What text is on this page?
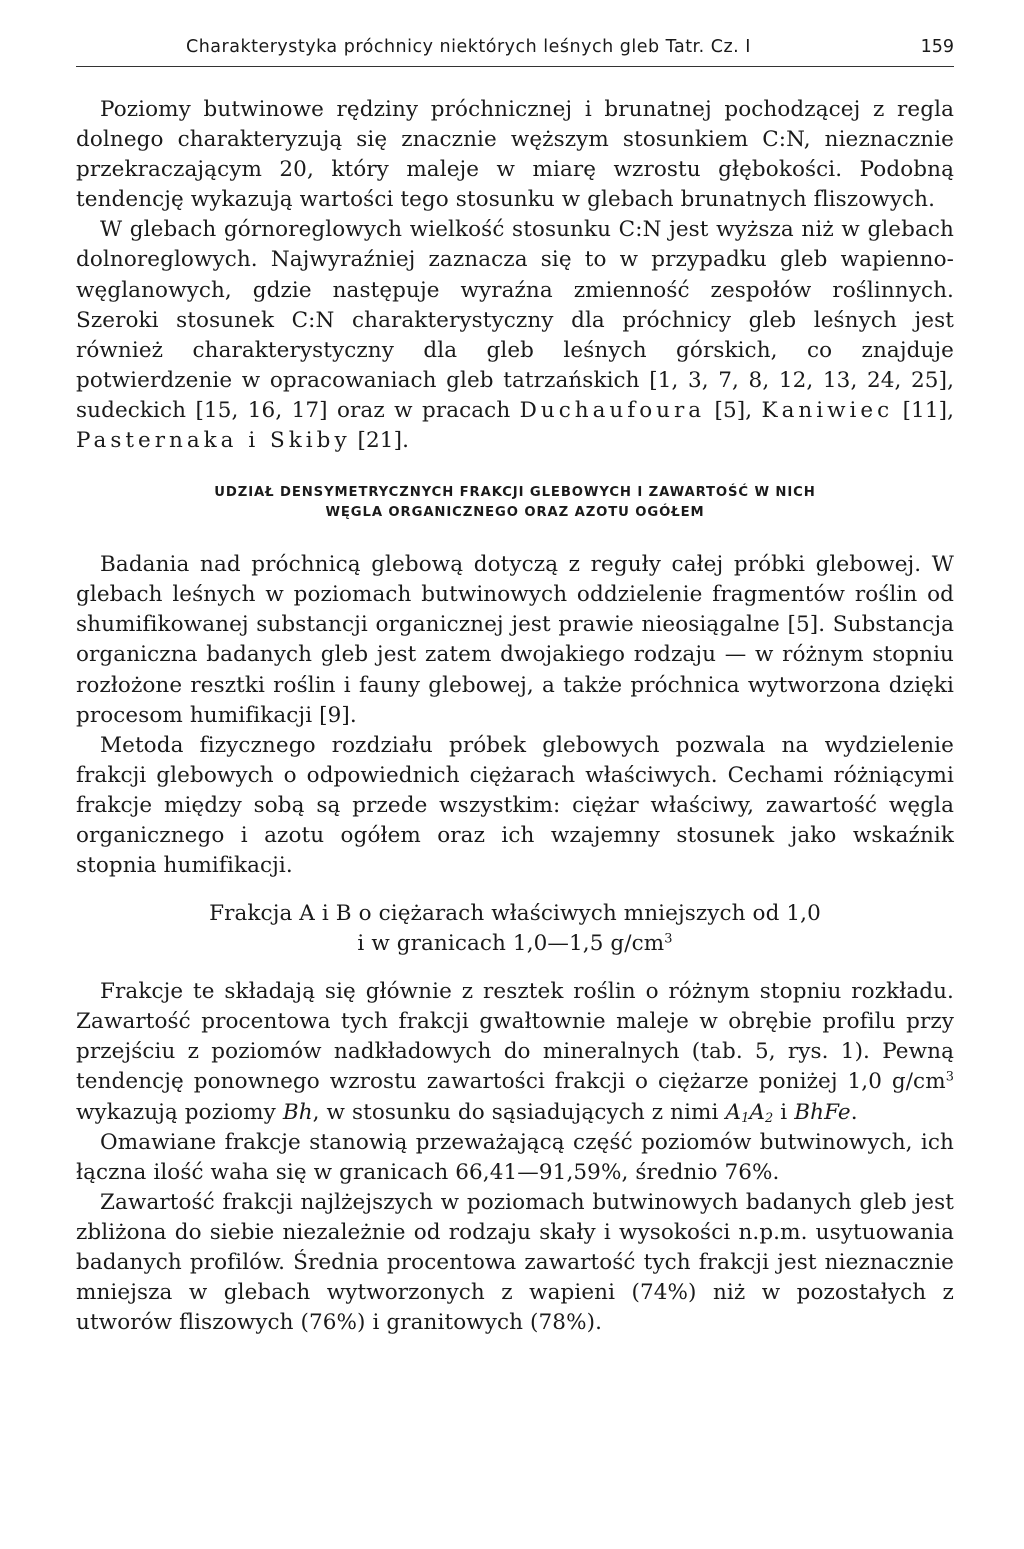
Charakterystyka próchnicy niektórych leśnych gleb Tatr. Cz. I	159

Poziomy butwinowe rędziny próchnicznej i brunatnej pochodzącej z regla dolnego charakteryzują się znacznie węższym stosunkiem C:N, nieznacznie przekraczającym 20, który maleje w miarę wzrostu głębokości. Podobną tendencję wykazują wartości tego stosunku w glebach brunatnych fliszowych.

W glebach górnoreglowych wielkość stosunku C:N jest wyższa niż w glebach dolnoreglowych. Najwyraźniej zaznacza się to w przypadku gleb wapienno-węglanowych, gdzie następuje wyraźna zmienność zespołów roślinnych. Szeroki stosunek C:N charakterystyczny dla próchnicy gleb leśnych jest również charakterystyczny dla gleb leśnych górskich, co znajduje potwierdzenie w opracowaniach gleb tatrzańskich [1, 3, 7, 8, 12, 13, 24, 25], sudeckich [15, 16, 17] oraz w pracach Duchaufoura [5], Kaniwiec [11], Pasternaka i Skiby [21].

UDZIAŁ DENSYMETRYCZNYCH FRAKCJI GLEBOWYCH I ZAWARTOŚĆ W NICH
WĘGLA ORGANICZNEGO ORAZ AZOTU OGÓŁEM

Badania nad próchnicą glebową dotyczą z reguły całej próbki glebowej. W glebach leśnych w poziomach butwinowych oddzielenie fragmentów roślin od shumifikowanej substancji organicznej jest prawie nieosiągalne [5]. Substancja organiczna badanych gleb jest zatem dwojakiego rodzaju — w różnym stopniu rozłożone resztki roślin i fauny glebowej, a także próchnica wytworzona dzięki procesom humifikacji [9].

Metoda fizycznego rozdziału próbek glebowych pozwala na wydzielenie frakcji glebowych o odpowiednich ciężarach właściwych. Cechami różniącymi frakcje między sobą są przede wszystkim: ciężar właściwy, zawartość węgla organicznego i azotu ogółem oraz ich wzajemny stosunek jako wskaźnik stopnia humifikacji.

Frakcja A i B o ciężarach właściwych mniejszych od 1,0
i w granicach 1,0—1,5 $g/cm^3$

Frakcje te składają się głównie z resztek roślin o różnym stopniu rozkładu. Zawartość procentowa tych frakcji gwałtownie maleje w obrębie profilu przy przejściu z poziomów nadkładowych do mineralnych (tab. 5, rys. 1). Pewną tendencję ponownego wzrostu zawartości frakcji o ciężarze poniżej 1,0 $g/cm^3$ wykazują poziomy Bh, w stosunku do sąsiadujących z nimi $A_1A_2$ i BhFe.

Omawiane frakcje stanowią przeważającą część poziomów butwinowych, ich łączna ilość waha się w granicach 66,41—91,59%, średnio 76%.

Zawartość frakcji najlżejszych w poziomach butwinowych badanych gleb jest zbliżona do siebie niezależnie od rodzaju skały i wysokości n.p.m. usytuowania badanych profilów. Średnia procentowa zawartość tych frakcji jest nieznacznie mniejsza w glebach wytworzonych z wapieni (74%) niż w pozostałych z utworów fliszowych (76%) i granitowych (78%).
